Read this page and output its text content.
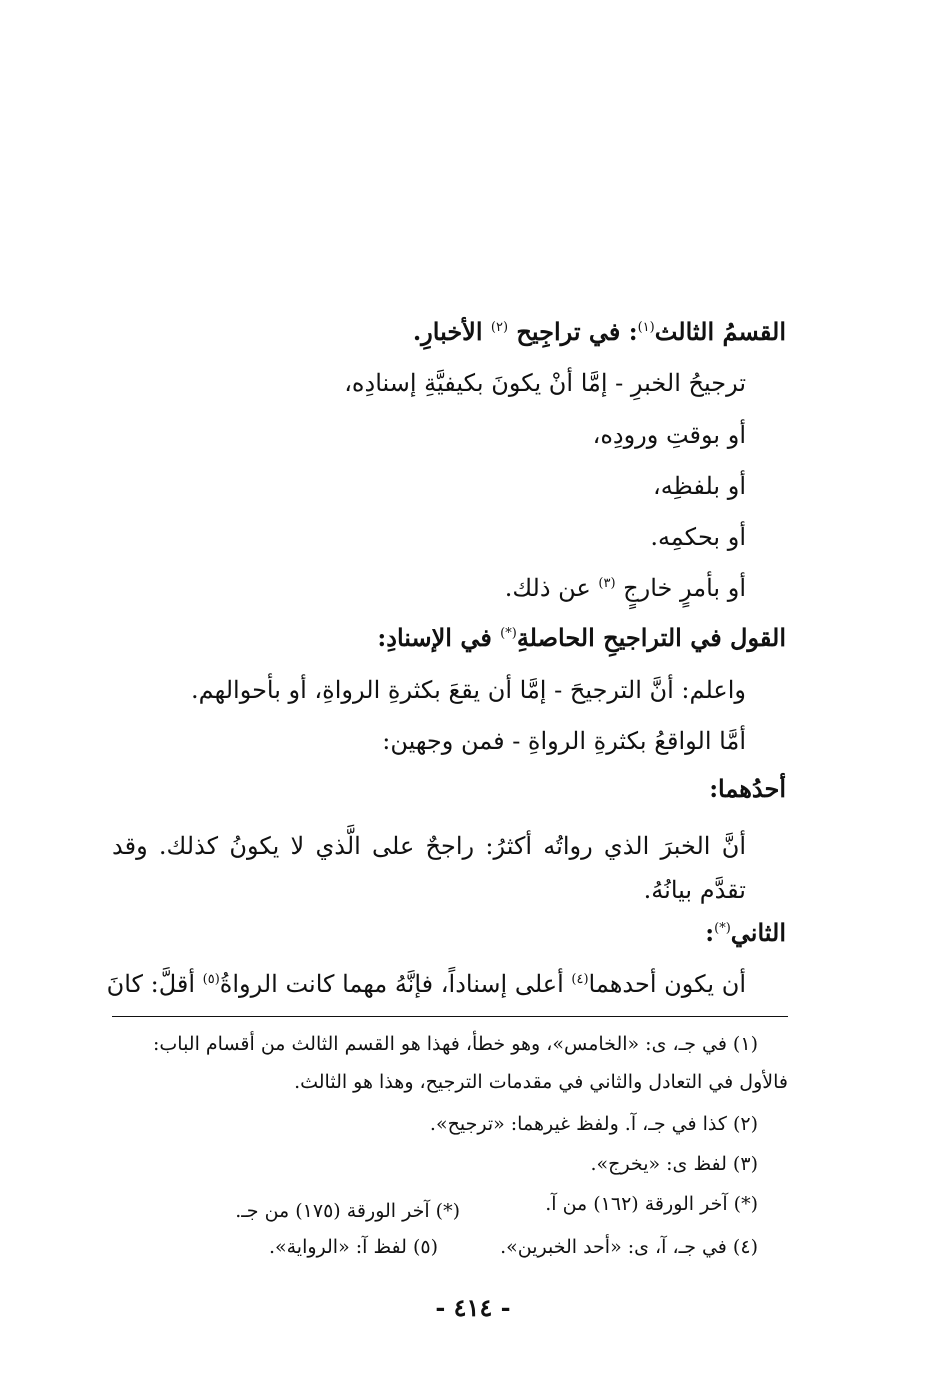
القسمُ الثالث$^{(١)}$: في تراجِيح $^{(٢)}$ الأخبارِ.
ترجيحُ الخبرِ - إمَّا أنْ يكونَ بكيفيَّةِ إسنادِه،
أو بوقتِ ورودِه،
أو بلفظِه،
أو بحكمِه.
أو بأمرٍ خارجٍ $^{(٣)}$ عن ذلك.
القول في التراجيحِ الحاصلةِ(*) في الإسنادِ:
واعلم: أنَّ الترجيحَ - إمَّا أن يقعَ بكثرةِ الرواةِ، أو بأحوالهم.
أمَّا الواقعُ بكثرةِ الرواةِ - فمن وجهين:
أحدُهما:
أنَّ الخبرَ الذي رواتُه أكثرُ: راجحٌ على الَّذي لا يكونُ كذلك. وقد تقدَّم بيانُهُ.
الثاني(*):
أن يكون أحدهما$^{(٤)}$ أعلى إسناداً، فإنَّهُ مهما كانت الرواةُ$^{(٥)}$ أقلَّ: كانَ
(١) في جـ، ى: «الخامس»، وهو خطأ، فهذا هو القسم الثالث من أقسام الباب:
فالأول في التعادل والثاني في مقدمات الترجيح، وهذا هو الثالث.
(٢) كذا في جـ، آ. ولفظ غيرهما: «ترجيح».
(٣) لفظ ى: «يخرج».
(*) آخر الورقة (١٦٢) من آ.
(*) آخر الورقة (١٧٥) من جـ.
(٤) في جـ، آ، ى: «أحد الخبرين».
(٥) لفظ آ: «الرواية».
- ٤١٤ -
